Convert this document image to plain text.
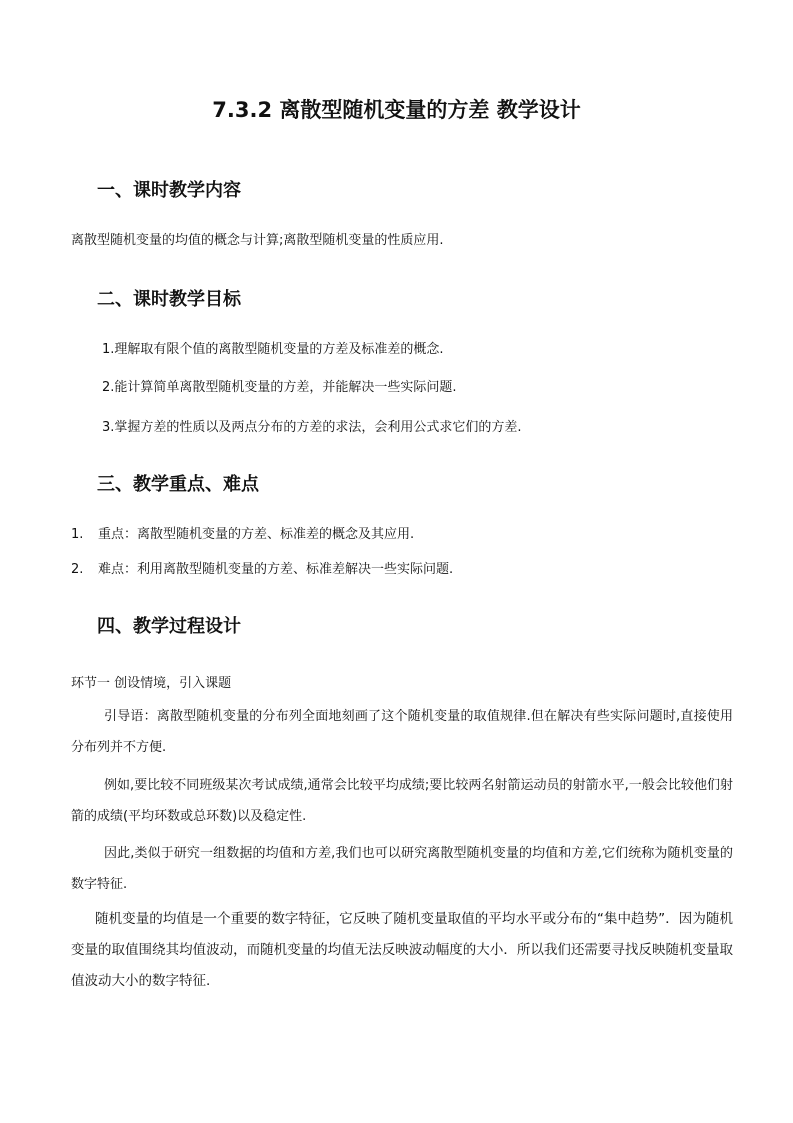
7.3.2 离散型随机变量的方差 教学设计
一、课时教学内容
离散型随机变量的均值的概念与计算;离散型随机变量的性质应用.
二、课时教学目标
1.理解取有限个值的离散型随机变量的方差及标准差的概念.
2.能计算简单离散型随机变量的方差，并能解决一些实际问题.
3.掌握方差的性质以及两点分布的方差的求法，会利用公式求它们的方差.
三、教学重点、难点
1. 重点：离散型随机变量的方差、标准差的概念及其应用.
2. 难点：利用离散型随机变量的方差、标准差解决一些实际问题.
四、教学过程设计
环节一 创设情境，引入课题
引导语：离散型随机变量的分布列全面地刻画了这个随机变量的取值规律.但在解决有些实际问题时,直接使用分布列并不方便.
例如,要比较不同班级某次考试成绩,通常会比较平均成绩;要比较两名射箭运动员的射箭水平,一般会比较他们射箭的成绩(平均环数或总环数)以及稳定性.
因此,类似于研究一组数据的均值和方差,我们也可以研究离散型随机变量的均值和方差,它们统称为随机变量的数字特征.
随机变量的均值是一个重要的数字特征，它反映了随机变量取值的平均水平或分布的“集中趋势”．因为随机变量的取值围绕其均值波动，而随机变量的均值无法反映波动幅度的大小．所以我们还需要寻找反映随机变量取值波动大小的数字特征.
